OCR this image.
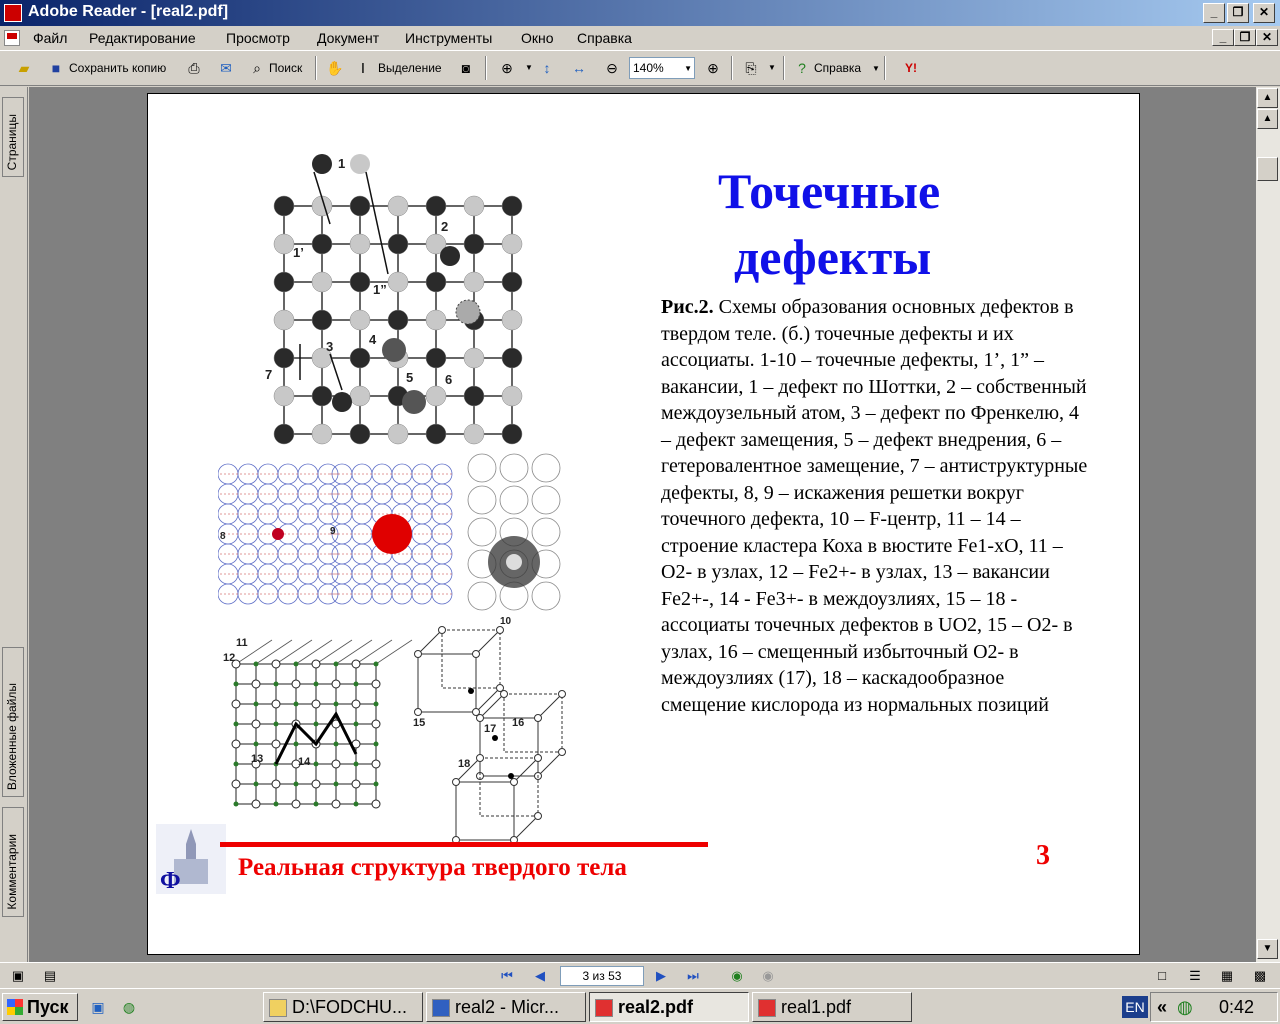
Adobe Reader - [real2.pdf]	_	❐	✕
Файл Редактирование Просмотр Документ Инструменты Окно Справка	_	❐ ✕
▰	■ Сохранить копию	⎙	✉	⌕ Поиск ✋	Ⅰ	Выделение	◙	⊕	▼ ↕	↔ ⊖	140%	▼ ⊕	⎘	▼	? Справка	▼	Y!
Страницы
Вложенные файлы
Комментарии
1
1’
1”
2
3	4
5 6
7
8	9
10
11
12
13	14
15	16
17
18
Точечные
дефекты
Рис.2. Схемы образования основных дефектов в твердом теле. (б.) точечные дефекты и их ассоциаты. 1-10 – точечные дефекты, 1’, 1” – вакансии, 1 – дефект по Шоттки, 2 – собственный междоузельный атом, 3 – дефект по Френкелю, 4 – дефект замещения, 5 – дефект внедрения, 6 – гетеровалентное замещение, 7 – антиструктурные дефекты, 8, 9 – искажения решетки вокруг точечного дефекта, 10 – F-центр, 11 – 14 – строение кластера Коха в вюстите Fe1-xO, 11 – O2- в узлах, 12 – Fe2+- в узлах, 13 – вакансии Fe2+-, 14 - Fe3+- в междоузлиях, 15 – 18 - ассоциаты точечных дефектов в UO2, 15 – O2- в узлах, 16 – смещенный избыточный O2- в междоузлиях (17), 18 – каскадообразное смещение кислорода из нормальных позиций
Ф Реальная структура твердого тела	3
▲
▲
▼
▣ ▤	⏮	◀	3 из 53	▶	⏭	◉	◉	□	☰	▦ ▩
Пуск	▣ ◍	D:\FODCHU...	real2 - Micr...	real2.pdf	real1.pdf	EN « ◍ 0:42
